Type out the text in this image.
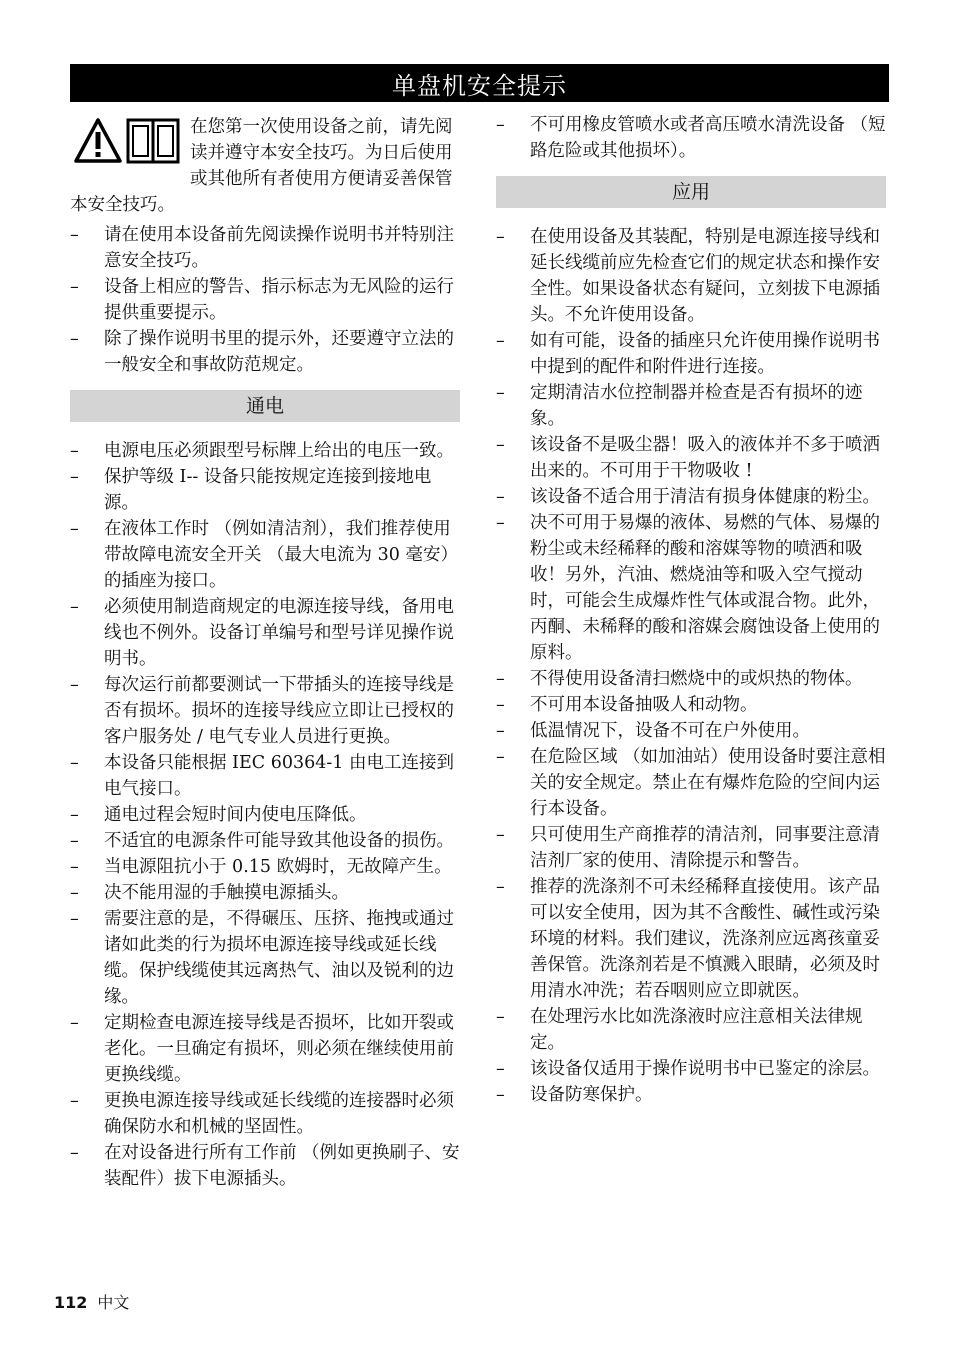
单盘机安全提示
在您第一次使用设备之前，请先阅读并遵守本安全技巧。为日后使用或其他所有者使用方便请妥善保管本安全技巧。
–	请在使用本设备前先阅读操作说明书并特别注意安全技巧。
–	设备上相应的警告、指示标志为无风险的运行提供重要提示。
–	除了操作说明书里的提示外，还要遵守立法的一般安全和事故防范规定。
通电
–	电源电压必须跟型号标牌上给出的电压一致。
–	保护等级 I-- 设备只能按规定连接到接地电源。
–	在液体工作时 （例如清洁剂），我们推荐使用带故障电流安全开关 （最大电流为 30 毫安）的插座为接口。
–	必须使用制造商规定的电源连接导线，备用电线也不例外。设备订单编号和型号详见操作说明书。
–	每次运行前都要测试一下带插头的连接导线是否有损坏。损坏的连接导线应立即让已授权的客户服务处 / 电气专业人员进行更换。
–	本设备只能根据 IEC 60364-1 由电工连接到电气接口。
–	通电过程会短时间内使电压降低。
–	不适宜的电源条件可能导致其他设备的损伤。
–	当电源阻抗小于 0.15 欧姆时，无故障产生。
–	决不能用湿的手触摸电源插头。
–	需要注意的是，不得碾压、压挤、拖拽或通过诸如此类的行为损坏电源连接导线或延长线缆。保护线缆使其远离热气、油以及锐利的边缘。
–	定期检查电源连接导线是否损坏，比如开裂或老化。一旦确定有损坏，则必须在继续使用前更换线缆。
–	更换电源连接导线或延长线缆的连接器时必须确保防水和机械的坚固性。
–	在对设备进行所有工作前 （例如更换刷子、安装配件）拔下电源插头。
–	不可用橡皮管喷水或者高压喷水清洗设备 （短路危险或其他损坏）。
应用
–	在使用设备及其装配，特别是电源连接导线和延长线缆前应先检查它们的规定状态和操作安全性。如果设备状态有疑问，立刻拔下电源插头。不允许使用设备。
–	如有可能，设备的插座只允许使用操作说明书中提到的配件和附件进行连接。
–	定期清洁水位控制器并检查是否有损坏的迹象。
–	该设备不是吸尘器！吸入的液体并不多于喷洒出来的。不可用于干物吸收 !
–	该设备不适合用于清洁有损身体健康的粉尘。
–	决不可用于易爆的液体、易燃的气体、易爆的粉尘或未经稀释的酸和溶媒等物的喷洒和吸收！另外，汽油、燃烧油等和吸入空气搅动时，可能会生成爆炸性气体或混合物。此外，丙酮、未稀释的酸和溶媒会腐蚀设备上使用的原料。
–	不得使用设备清扫燃烧中的或炽热的物体。
–	不可用本设备抽吸人和动物。
–	低温情况下，设备不可在户外使用。
–	在危险区域 （如加油站）使用设备时要注意相关的安全规定。禁止在有爆炸危险的空间内运行本设备。
–	只可使用生产商推荐的清洁剂，同事要注意清洁剂厂家的使用、清除提示和警告。
–	推荐的洗涤剂不可未经稀释直接使用。该产品可以安全使用，因为其不含酸性、碱性或污染环境的材料。我们建议，洗涤剂应远离孩童妥善保管。洗涤剂若是不慎溅入眼睛，必须及时用清水冲洗；若吞咽则应立即就医。
–	在处理污水比如洗涤液时应注意相关法律规定。
–	该设备仅适用于操作说明书中已鉴定的涂层。
–	设备防寒保护。
112 中文
